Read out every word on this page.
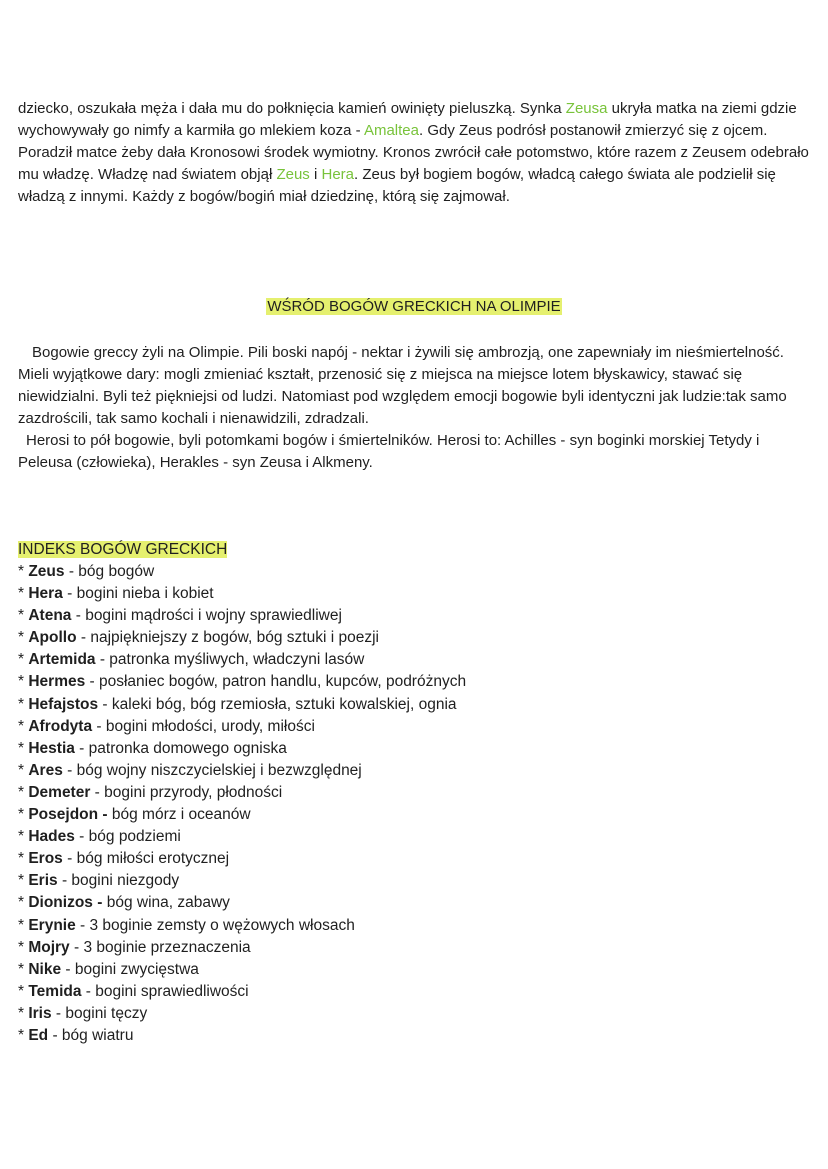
dziecko, oszukała męża i dała mu do połknięcia kamień owinięty pieluszką. Synka Zeusa ukryła matka na ziemi gdzie wychowywały go nimfy a karmiła go mlekiem koza - Amaltea. Gdy Zeus podrósł postanowił zmierzyć się z ojcem. Poradził matce żeby dała Kronosowi środek wymiotny. Kronos zwrócił całe potomstwo, które razem z Zeusem odebrało mu władzę. Władzę nad światem objął Zeus i Hera. Zeus był bogiem bogów, władcą całego świata ale podzielił się władzą z innymi. Każdy z bogów/bogiń miał dziedzinę, którą się zajmował.

WŚRÓD BOGÓW GRECKICH NA OLIMPIE

Bogowie greccy żyli na Olimpie. Pili boski napój - nektar i żywili się ambrozją, one zapewniały im nieśmiertelność. Mieli wyjątkowe dary: mogli zmieniać kształt, przenosić się z miejsca na miejsce lotem błyskawicy, stawać się niewidzialni. Byli też piękniejsi od ludzi. Natomiast pod względem emocji bogowie byli identyczni jak ludzie:tak samo zazdrościli, tak samo kochali i nienawidzili, zdradzali.

Herosi to pół bogowie, byli potomkami bogów i śmiertelników. Herosi to: Achilles - syn boginki morskiej Tetydy i Peleusa (człowieka), Herakles - syn Zeusa i Alkmeny.

INDEKS BOGÓW GRECKICH
* Zeus - bóg bogów
* Hera - bogini nieba i kobiet
* Atena - bogini mądrości i wojny sprawiedliwej
* Apollo - najpiękniejszy z bogów, bóg sztuki i poezji
* Artemida - patronka myśliwych, władczyni lasów
* Hermes - posłaniec bogów, patron handlu, kupców, podróżnych
* Hefajstos - kaleki bóg, bóg rzemiosła, sztuki kowalskiej, ognia
* Afrodyta - bogini młodości, urody, miłości
* Hestia - patronka domowego ogniska
* Ares - bóg wojny niszczycielskiej i bezwzględnej
* Demeter - bogini przyrody, płodności
* Posejdon - bóg mórz i oceanów
* Hades - bóg podziemi
* Eros - bóg miłości erotycznej
* Eris - bogini niezgody
* Dionizos - bóg wina, zabawy
* Erynie - 3 boginie zemsty o wężowych włosach
* Mojry - 3 boginie przeznaczenia
* Nike - bogini zwycięstwa
* Temida - bogini sprawiedliwości
* Iris - bogini tęczy
* Ed - bóg wiatru
